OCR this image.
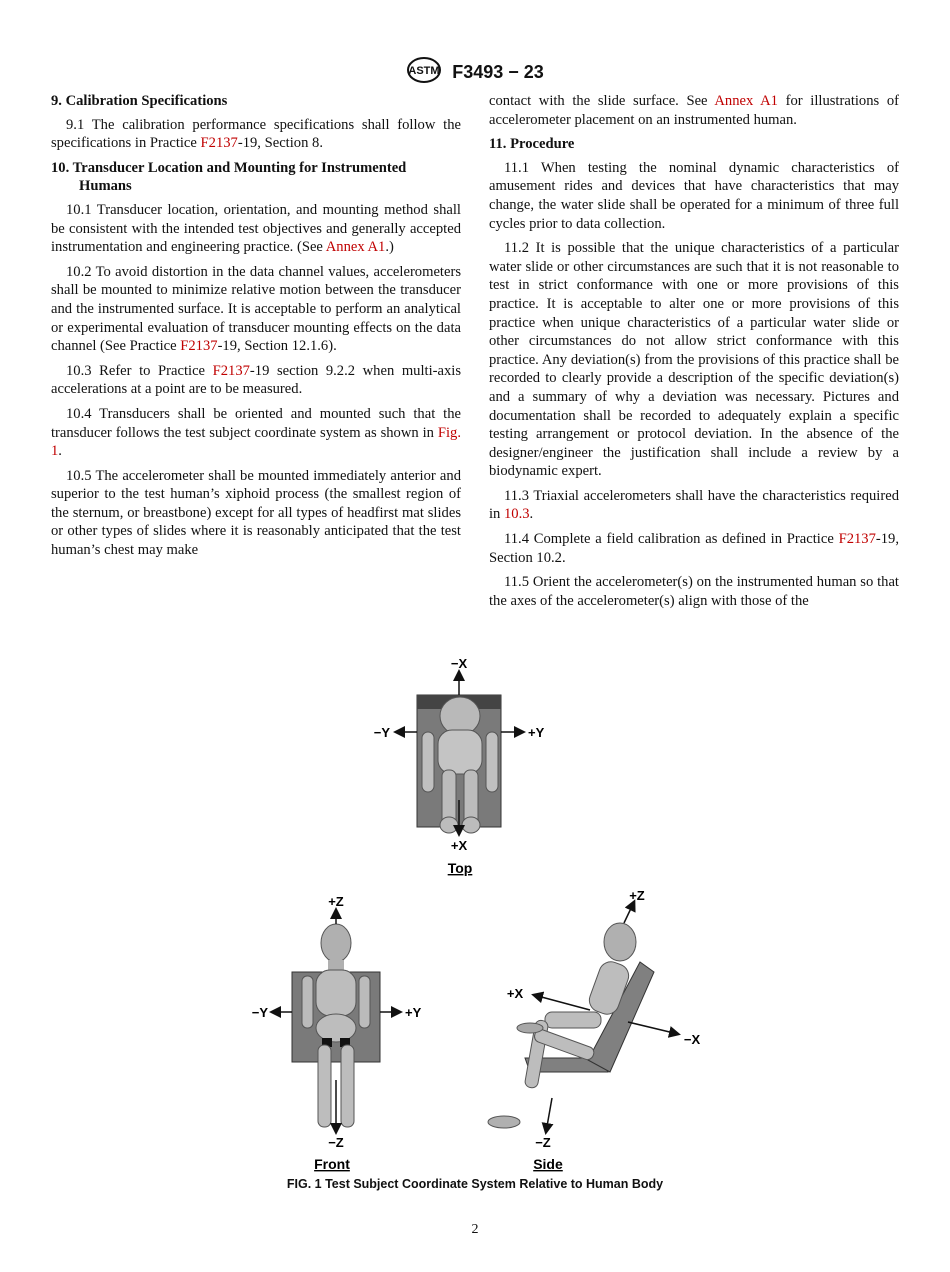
ASTM F3493 − 23
9. Calibration Specifications

9.1 The calibration performance specifications shall follow the specifications in Practice F2137-19, Section 8.

10. Transducer Location and Mounting for Instrumented Humans

10.1 Transducer location, orientation, and mounting method shall be consistent with the intended test objectives and generally accepted instrumentation and engineering practice. (See Annex A1.)

10.2 To avoid distortion in the data channel values, accelerometers shall be mounted to minimize relative motion between the transducer and the instrumented surface. It is acceptable to perform an analytical or experimental evaluation of transducer mounting effects on the data channel (See Practice F2137-19, Section 12.1.6).

10.3 Refer to Practice F2137-19 section 9.2.2 when multi-axis accelerations at a point are to be measured.

10.4 Transducers shall be oriented and mounted such that the transducer follows the test subject coordinate system as shown in Fig. 1.

10.5 The accelerometer shall be mounted immediately anterior and superior to the test human’s xiphoid process (the smallest region of the sternum, or breastbone) except for all types of headfirst mat slides or other types of slides where it is reasonably anticipated that the test human’s chest may make

contact with the slide surface. See Annex A1 for illustrations of accelerometer placement on an instrumented human.

11. Procedure

11.1 When testing the nominal dynamic characteristics of amusement rides and devices that have characteristics that may change, the water slide shall be operated for a minimum of three full cycles prior to data collection.

11.2 It is possible that the unique characteristics of a particular water slide or other circumstances are such that it is not reasonable to test in strict conformance with one or more provisions of this practice. It is acceptable to alter one or more provisions of this practice when unique characteristics of a particular water slide or other circumstances do not allow strict conformance with this practice. Any deviation(s) from the provisions of this practice shall be recorded to clearly provide a description of the specific deviation(s) and a summary of why a deviation was necessary. Pictures and documentation shall be recorded to adequately explain a specific testing arrangement or protocol deviation. In the absence of the designer/engineer the justification shall include a review by a biodynamic expert.

11.3 Triaxial accelerometers shall have the characteristics required in 10.3.

11.4 Complete a field calibration as defined in Practice F2137-19, Section 10.2.

11.5 Orient the accelerometer(s) on the instrumented human so that the axes of the accelerometer(s) align with those of the

−X
+X
−Y	+Y
Top
+Z
−Z
−Y	+Y
Front
+Z
−Z
+X
−X
Side
FIG. 1 Test Subject Coordinate System Relative to Human Body
2
